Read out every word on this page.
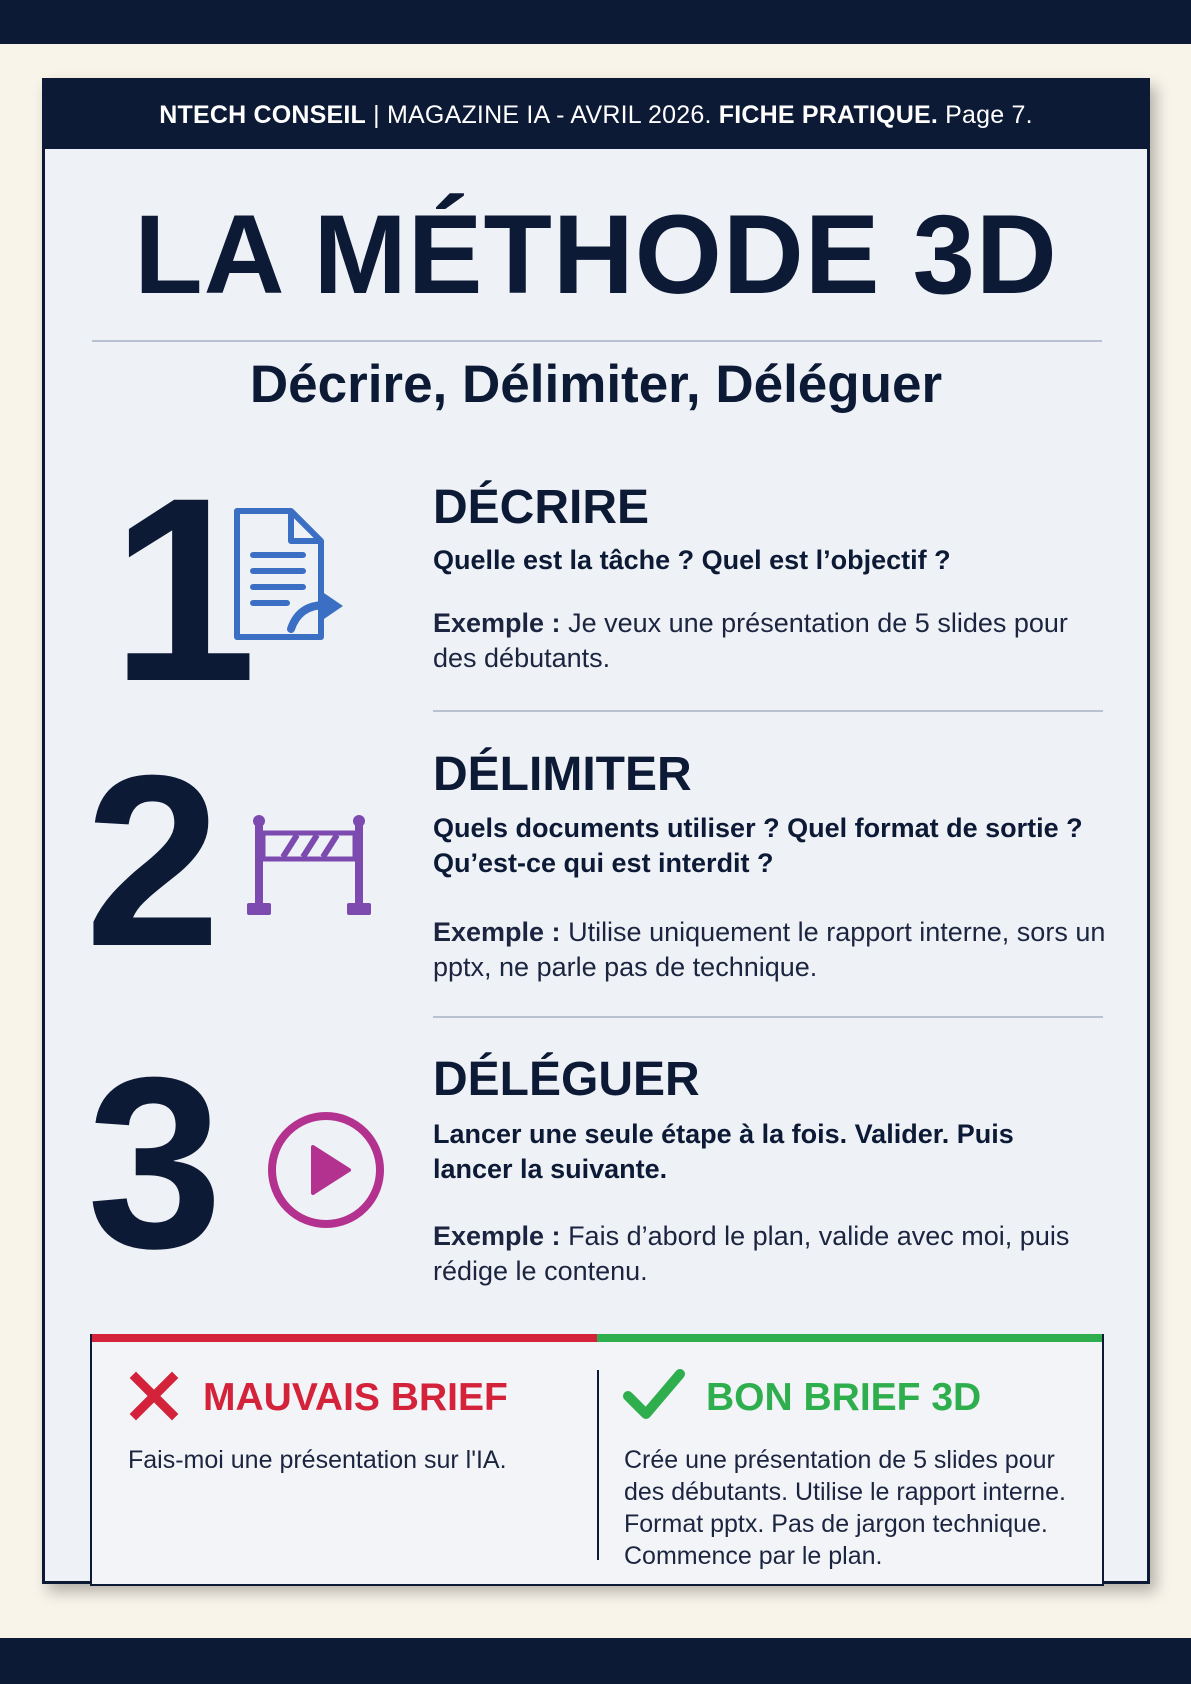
NTECH CONSEIL | MAGAZINE IA - AVRIL 2026.
FICHE PRATIQUE.
Page 7.
LA MÉTHODE 3D
Décrire, Délimiter, Déléguer
1	DÉCRIRE
Quelle est la tâche ? Quel est l’objectif ?
Exemple : Je veux une présentation de 5 slides pour des débutants.
2	DÉLIMITER
Quels documents utiliser ? Quel format de sortie ? Qu’est-ce qui est interdit ?
Exemple : Utilise uniquement le rapport interne, sors un pptx, ne parle pas de technique.
3	DÉLÉGUER
Lancer une seule étape à la fois. Valider. Puis lancer la suivante.
Exemple : Fais d’abord le plan, valide avec moi, puis rédige le contenu.
MAUVAIS BRIEF
Fais-moi une présentation sur l'IA.
BON BRIEF 3D
Crée une présentation de 5 slides pour des débutants. Utilise le rapport interne. Format pptx. Pas de jargon technique. Commence par le plan.
